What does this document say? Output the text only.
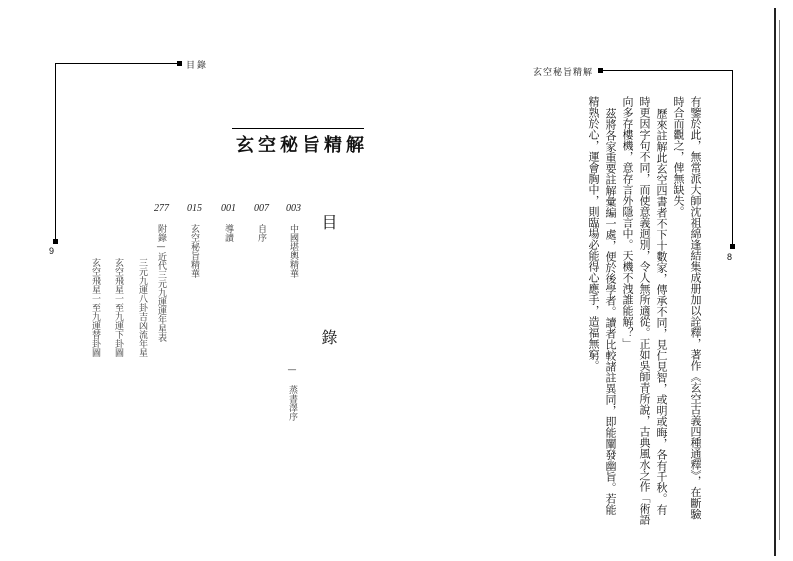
目錄
9
玄空秘旨精解
目 錄
— 蒸書澤序
003
007
001
015
277
中國堪輿精華
自序
導讀
玄空秘旨精華
附錄—近代三元九運運年星表
三元九運八卦吉凶流年星
玄空飛星一至九運下卦圖
玄空飛星一至九運替卦圖
玄空秘旨精解
8
有鑒於此，無常派大師沈祖綿逢結集成册加以詮釋，著作《玄空古義四種通釋》，在斷驗
時合而觀之，俾無缺失。
歷來註解此玄空四書者不下十數家，傳承不同，見仁見智，或明或晦，各有千秋。有
時更因字句不同，而使意義迥別，令人無所適從。正如吳師青所說，古典風水之作「術語
向多存樓機，意存言外隱言中。天機不洩誰能解？」
茲將各家重要註解彙編一處，便於後學者。讀者比較諸註異同，即能闡發幽旨。若能
精熟於心，運會胸中，則臨場必能得心應手，造福無窮。
